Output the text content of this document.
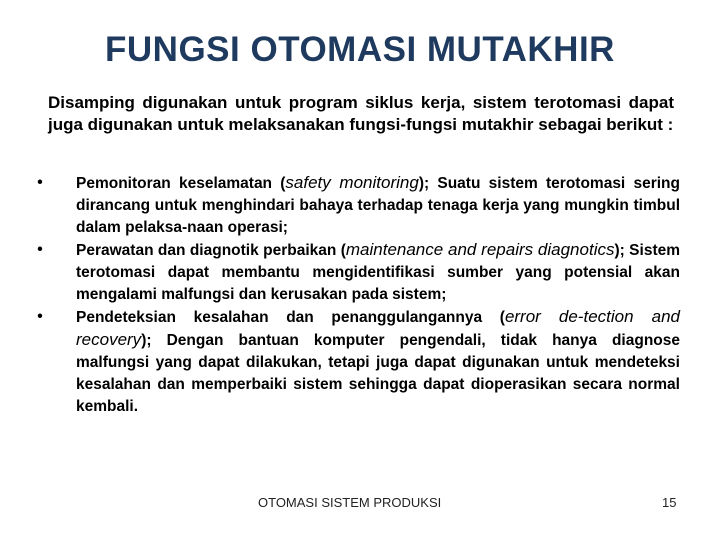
FUNGSI OTOMASI MUTAKHIR

Disamping digunakan untuk program siklus kerja, sistem terotomasi dapat juga digunakan untuk melaksanakan fungsi-fungsi mutakhir sebagai berikut :

•	Pemonitoran keselamatan (safety monitoring); Suatu sistem terotomasi sering dirancang untuk menghindari bahaya terhadap tenaga kerja yang mungkin timbul dalam pelaksa-naan operasi;
•	Perawatan dan diagnotik perbaikan (maintenance and repairs diagnotics); Sistem terotomasi dapat membantu mengidentifikasi sumber yang potensial akan mengalami malfungsi dan kerusakan pada sistem;
•	Pendeteksian kesalahan dan penanggulangannya (error de-tection and recovery); Dengan bantuan komputer pengendali, tidak hanya diagnose malfungsi yang dapat dilakukan, tetapi juga dapat digunakan untuk mendeteksi kesalahan dan memperbaiki sistem sehingga dapat dioperasikan secara normal kembali.
OTOMASI SISTEM PRODUKSI	15
